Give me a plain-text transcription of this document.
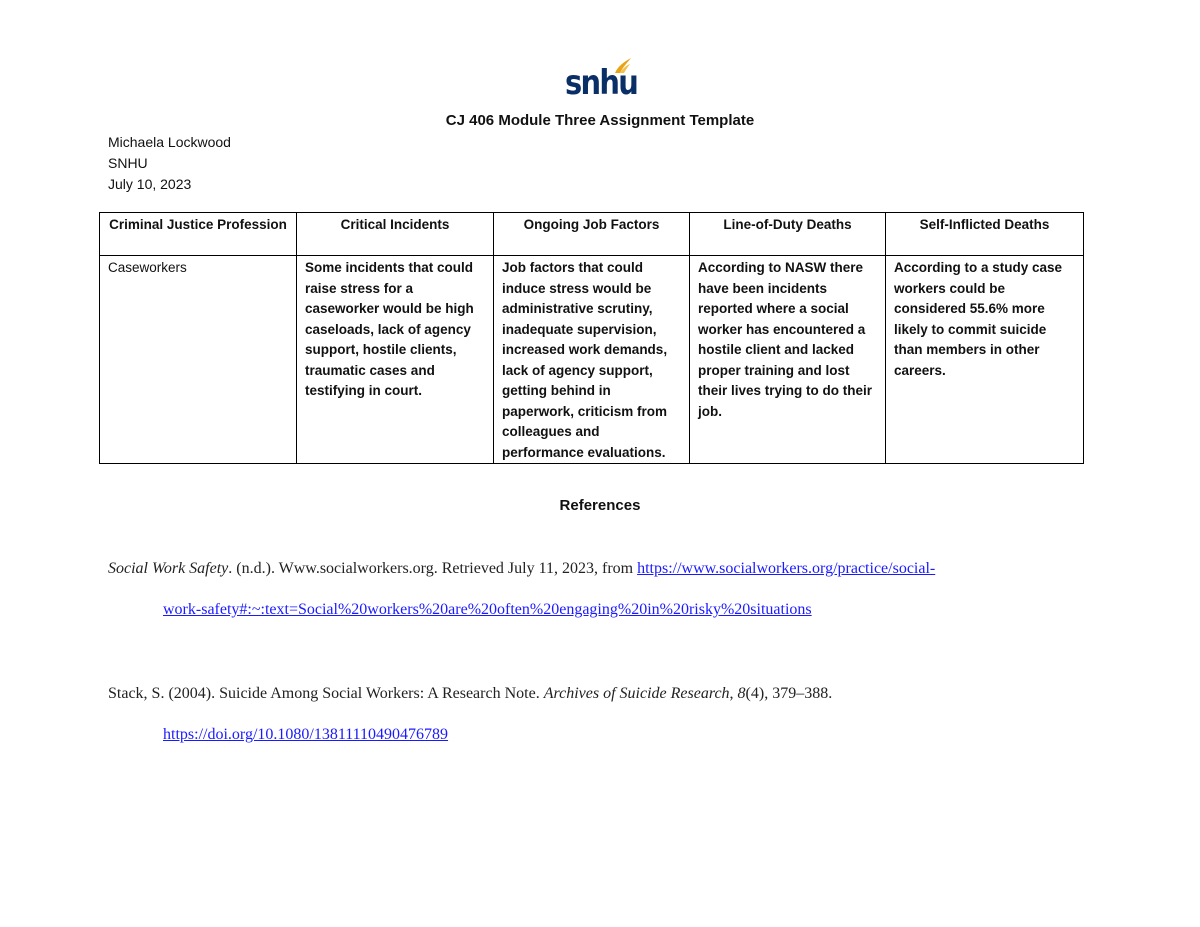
snhu
CJ 406 Module Three Assignment Template
Michaela Lockwood
SNHU
July 10, 2023
Criminal Justice Profession	Critical Incidents	Ongoing Job Factors	Line-of-Duty Deaths	Self-Inflicted Deaths
Caseworkers	Some incidents that could raise stress for a caseworker would be high caseloads, lack of agency support, hostile clients, traumatic cases and testifying in court.	Job factors that could induce stress would be administrative scrutiny, inadequate supervision, increased work demands, lack of agency support, getting behind in paperwork, criticism from colleagues and performance evaluations.	According to NASW there have been incidents reported where a social worker has encountered a hostile client and lacked proper training and lost their lives trying to do their job.	According to a study case workers could be considered 55.6% more likely to commit suicide than members in other careers.
References
Social Work Safety. (n.d.). Www.socialworkers.org. Retrieved July 11, 2023, from https://www.socialworkers.org/practice/social-
work-safety#:~:text=Social%20workers%20are%20often%20engaging%20in%20risky%20situations
Stack, S. (2004). Suicide Among Social Workers: A Research Note. Archives of Suicide Research, 8(4), 379–388.
https://doi.org/10.1080/13811110490476789
